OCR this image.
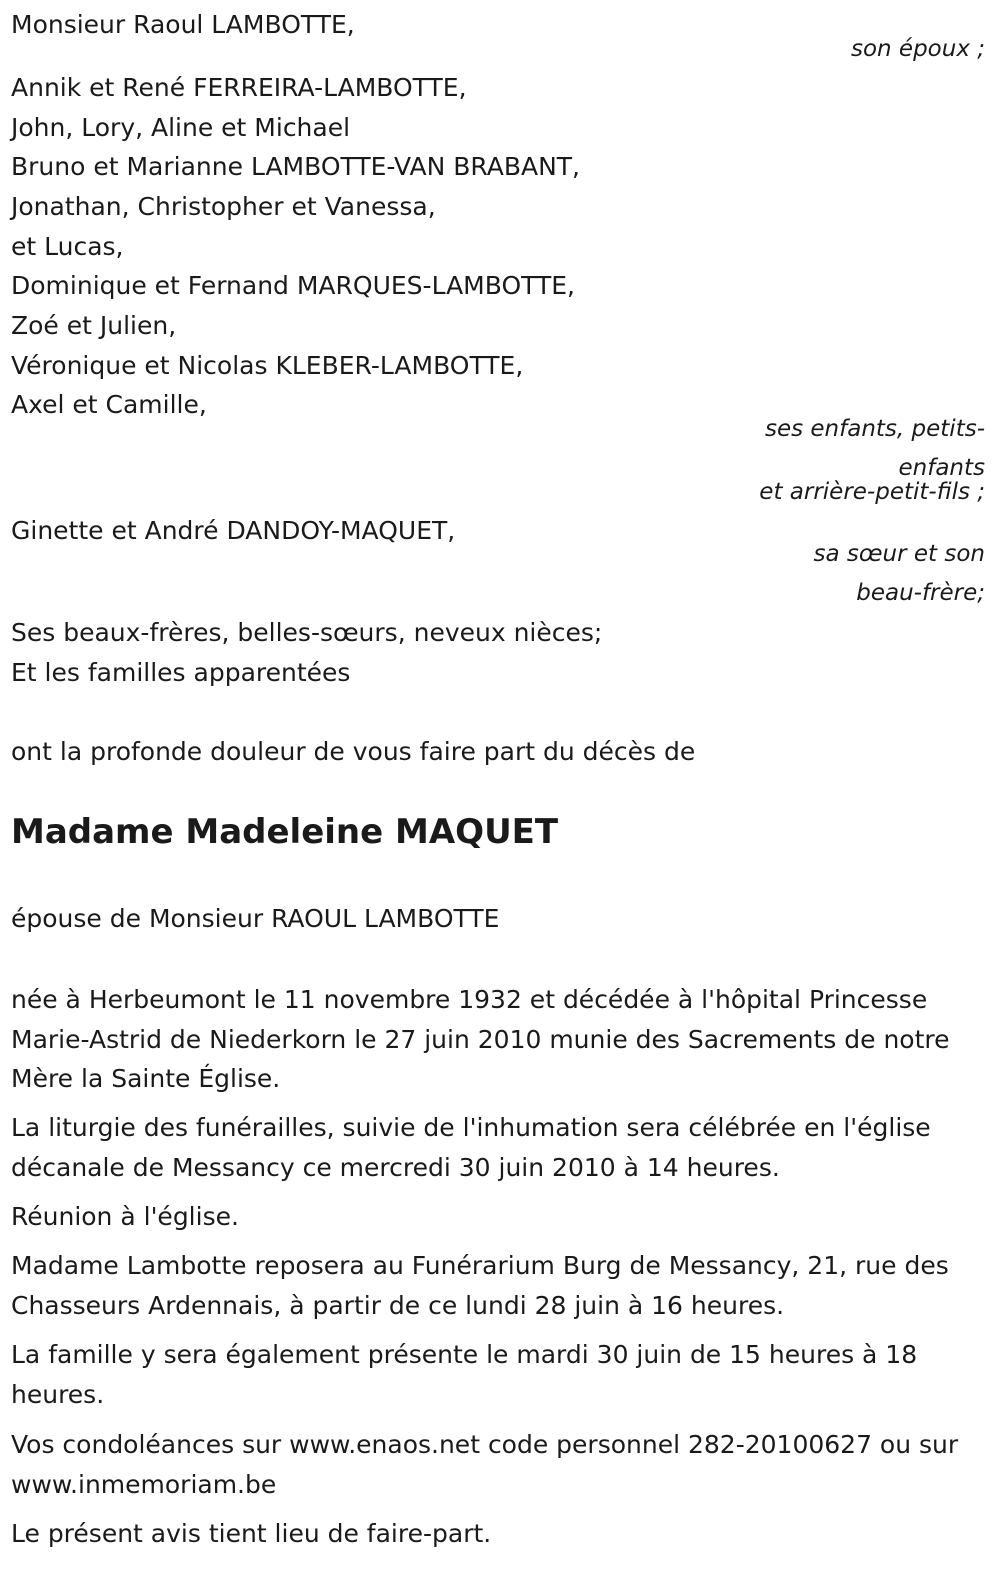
Monsieur Raoul LAMBOTTE,
son époux ;
Annik et René FERREIRA-LAMBOTTE,
John, Lory, Aline et Michael
Bruno et Marianne LAMBOTTE-VAN BRABANT,
Jonathan, Christopher et Vanessa,
et Lucas,
Dominique et Fernand MARQUES-LAMBOTTE,
Zoé et Julien,
Véronique et Nicolas KLEBER-LAMBOTTE,
Axel et Camille,
ses enfants, petits-
enfants
et arrière-petit-fils ;
Ginette et André DANDOY-MAQUET,
sa sœur et son
beau-frère;
Ses beaux-frères, belles-sœurs, neveux nièces;
Et les familles apparentées
ont la profonde douleur de vous faire part du décès de
Madame Madeleine MAQUET
épouse de Monsieur RAOUL LAMBOTTE
née à Herbeumont le 11 novembre 1932 et décédée à l'hôpital Princesse Marie-Astrid de Niederkorn le 27 juin 2010 munie des Sacrements de notre Mère la Sainte Église.
La liturgie des funérailles, suivie de l'inhumation sera célébrée en l'église décanale de Messancy ce mercredi 30 juin 2010 à 14 heures.
Réunion à l'église.
Madame Lambotte reposera au Funérarium Burg de Messancy, 21, rue des Chasseurs Ardennais, à partir de ce lundi 28 juin à 16 heures.
La famille y sera également présente le mardi 30 juin de 15 heures à 18 heures.
Vos condoléances sur www.enaos.net code personnel 282-20100627 ou sur www.inmemoriam.be
Le présent avis tient lieu de faire-part.
